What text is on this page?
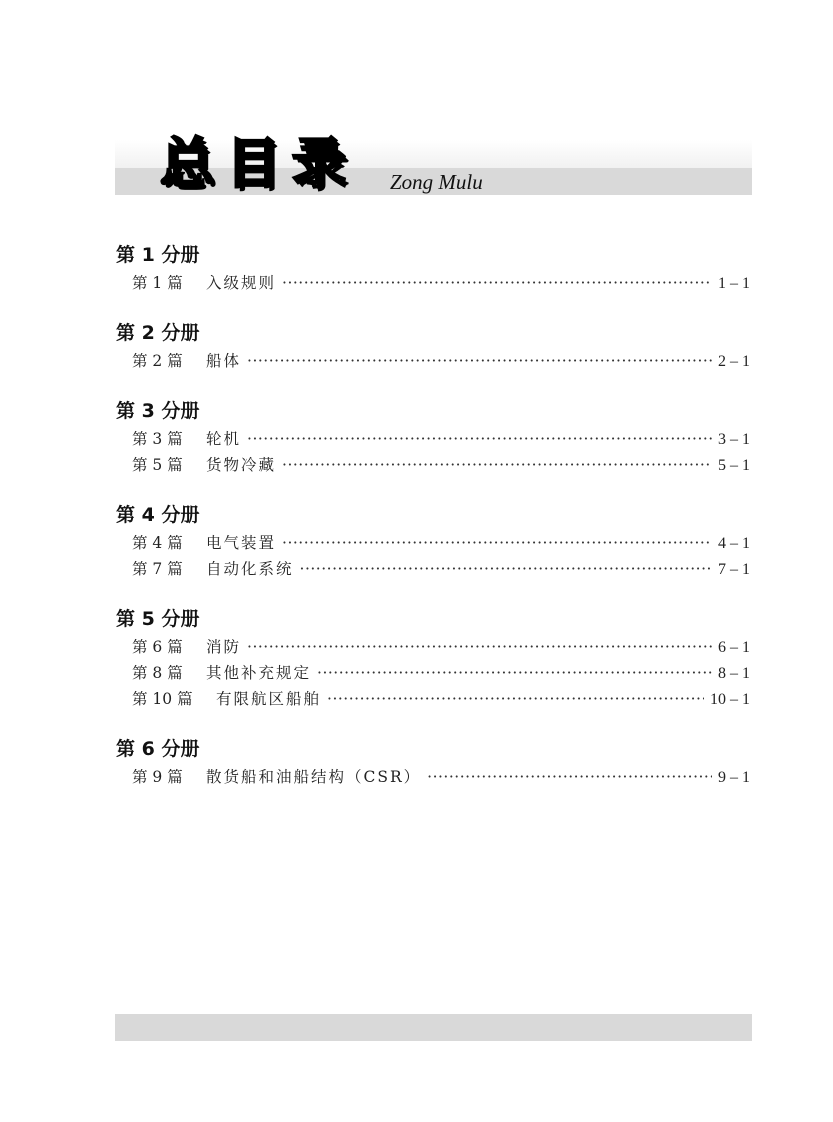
总目录 Zong Mulu
第 1 分册
第 1 篇	入级规则 ·····	1 – 1
第 2 分册
第 2 篇	船体 ·····	2 – 1
第 3 分册
第 3 篇	轮机 ·····	3 – 1
第 5 篇	货物冷藏 ·····	5 – 1
第 4 分册
第 4 篇	电气装置 ·····	4 – 1
第 7 篇	自动化系统 ·····	7 – 1
第 5 分册
第 6 篇	消防 ·····	6 – 1
第 8 篇	其他补充规定 ·····	8 – 1
第 10 篇	有限航区船舶 ·····	10 – 1
第 6 分册
第 9 篇	散货船和油船结构（CSR） ·····	9 – 1
